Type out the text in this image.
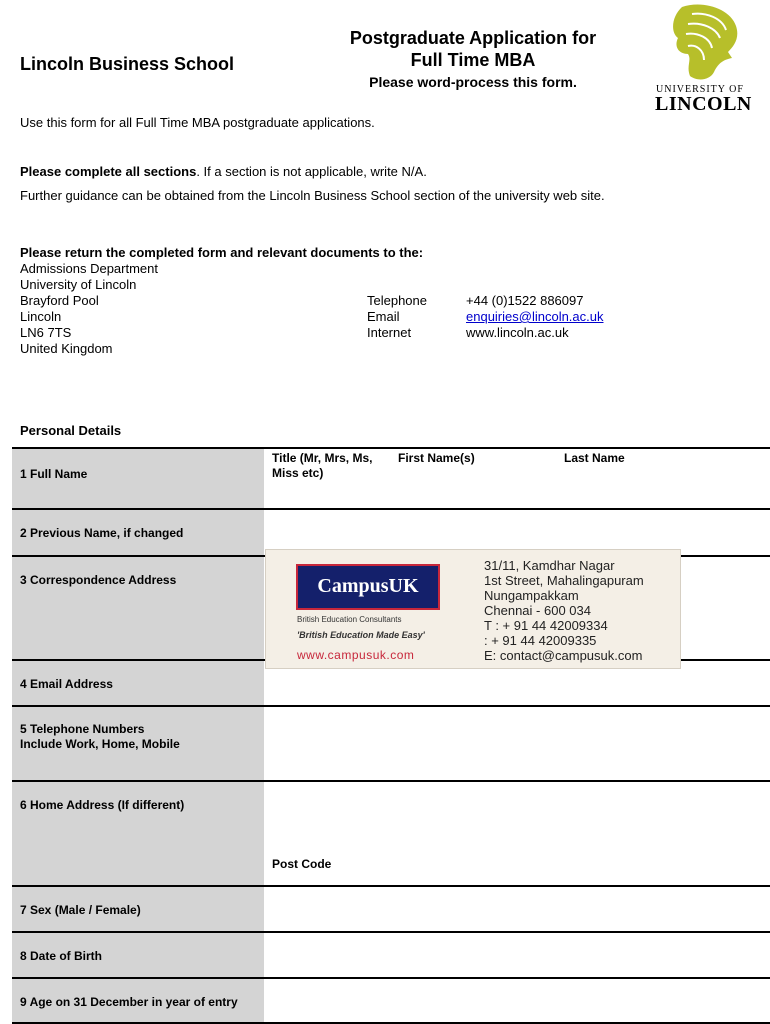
Lincoln Business School
Postgraduate Application for
Full Time MBA
Please word-process this form.	UNIVERSITY OF
LINCOLN
Use this form for all Full Time MBA postgraduate applications.
Please complete all sections. If a section is not applicable, write N/A.
Further guidance can be obtained from the Lincoln Business School section of the university web site.
Please return the completed form and relevant documents to the:
Admissions Department
University of Lincoln
Brayford Pool
Lincoln
LN6 7TS
United Kingdom
Telephone
Email
Internet
+44 (0)1522 886097
enquiries@lincoln.ac.uk
www.lincoln.ac.uk
Personal Details
1 Full Name
Title (Mr, Mrs, Ms,
Miss etc)
First Name(s)	Last Name
2 Previous Name, if changed
3 Correspondence Address
4 Email Address
5 Telephone Numbers
Include Work, Home, Mobile
6 Home Address (If different)
Post Code
7 Sex (Male / Female)
8 Date of Birth
9 Age on 31 December in year of entry
CampusUK
British Education Consultants
'British Education Made Easy'
www.campusuk.com
31/11, Kamdhar Nagar
1st Street, Mahalingapuram
Nungampakkam
Chennai - 600 034
T : + 91 44 42009334
: + 91 44 42009335
E: contact@campusuk.com
